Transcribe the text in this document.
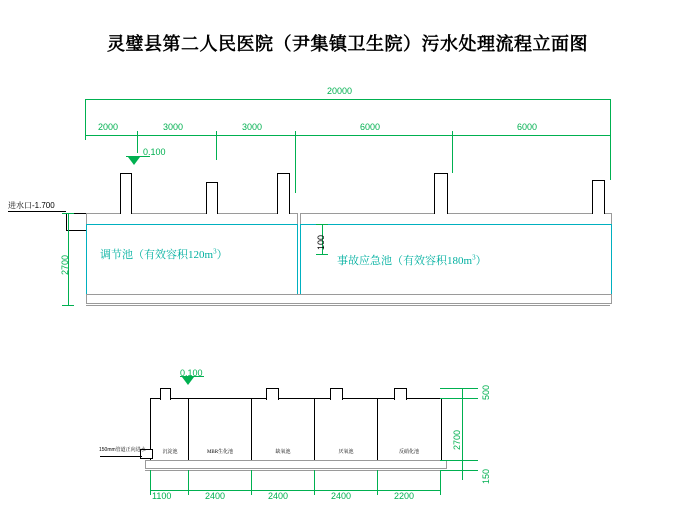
灵璧县第二人民医院（尹集镇卫生院）污水处理流程立面图
20000
2000	3000	3000	6000	6000
0.100
进水口-1.700
调节池（有效容积$120m^3$）	事故应急池（有效容积$180m^3$）
2700
100
0.100
150mm管道正向进水	沉淀池	MBR生化池	缺氧池	厌氧池	反硝化池
1100	2400	2400	2400	2200
500
2700
150
